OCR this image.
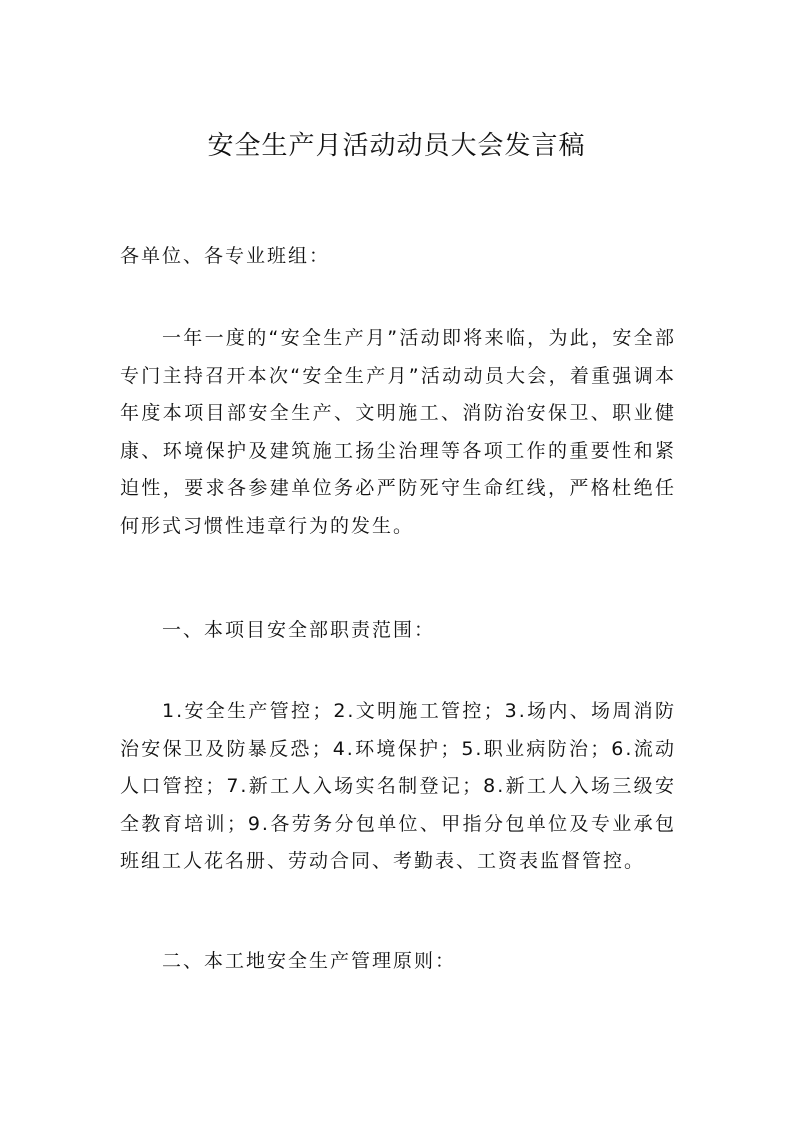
安全生产月活动动员大会发言稿

各单位、各专业班组：

一年一度的“安全生产月”活动即将来临，为此，安全部专门主持召开本次“安全生产月”活动动员大会，着重强调本年度本项目部安全生产、文明施工、消防治安保卫、职业健康、环境保护及建筑施工扬尘治理等各项工作的重要性和紧迫性，要求各参建单位务必严防死守生命红线，严格杜绝任何形式习惯性违章行为的发生。

一、本项目安全部职责范围：

1.安全生产管控；2.文明施工管控；3.场内、场周消防治安保卫及防暴反恐；4.环境保护；5.职业病防治；6.流动人口管控；7.新工人入场实名制登记；8.新工人入场三级安全教育培训；9.各劳务分包单位、甲指分包单位及专业承包班组工人花名册、劳动合同、考勤表、工资表监督管控。

二、本工地安全生产管理原则：
